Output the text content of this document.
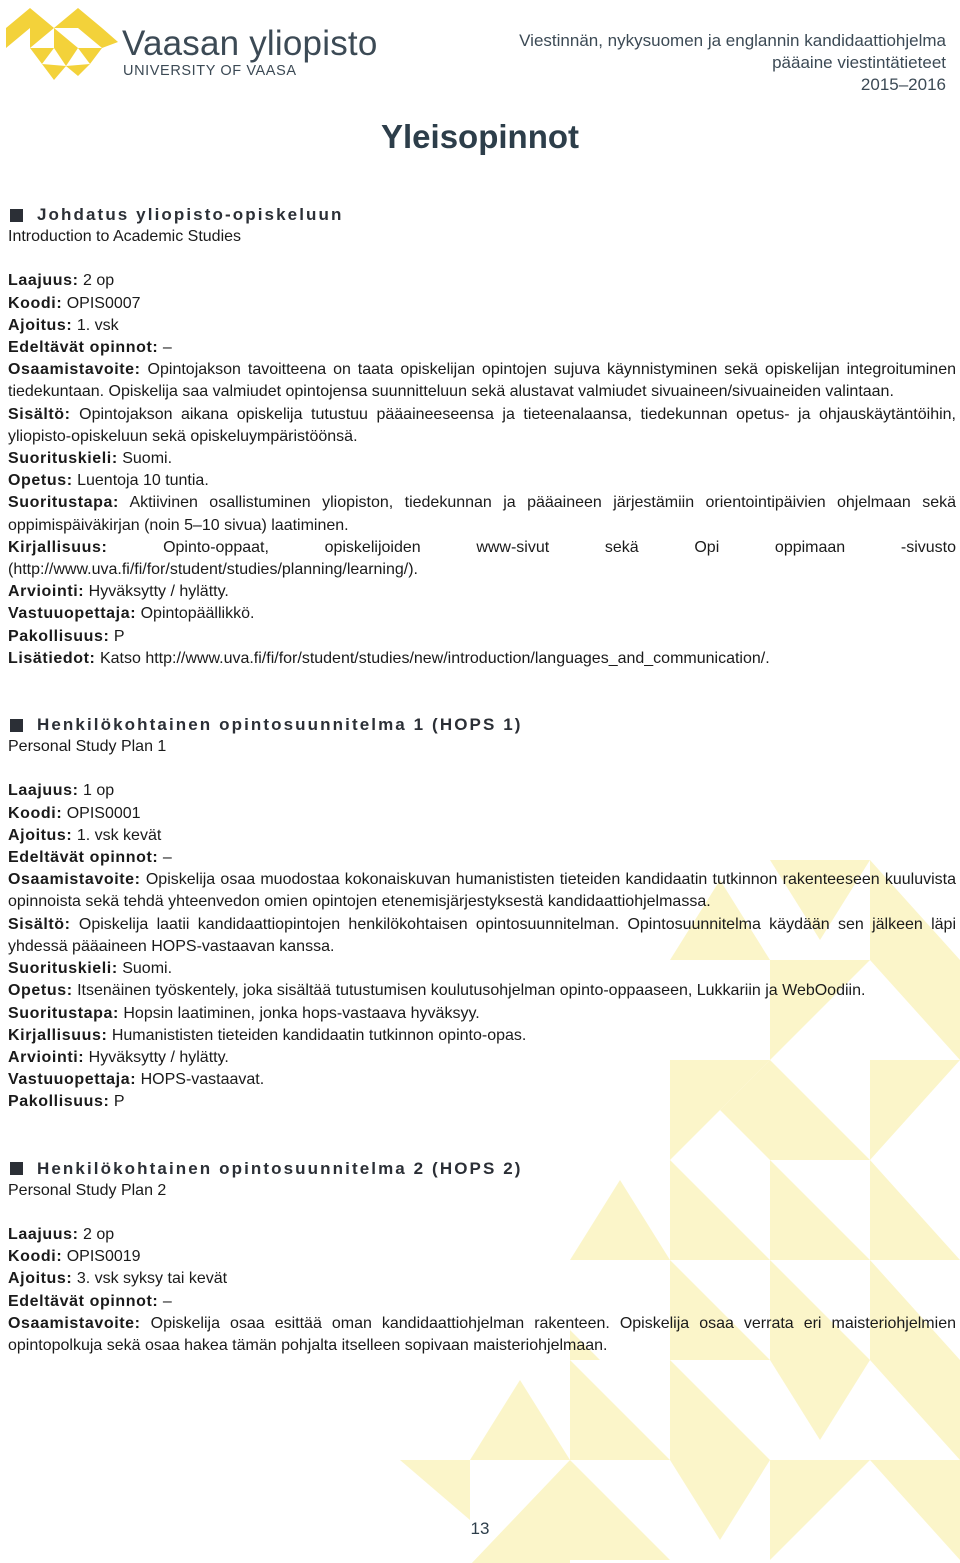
Vaasan yliopisto
UNIVERSITY OF VAASA
Viestinnän, nykysuomen ja englannin kandidaattiohjelma
pääaine viestintätieteet
2015–2016
Yleisopinnot
Johdatus yliopisto-opiskeluun
Introduction to Academic Studies
Laajuus: 2 op
Koodi: OPIS0007
Ajoitus: 1. vsk
Edeltävät opinnot: –
Osaamistavoite: Opintojakson tavoitteena on taata opiskelijan opintojen sujuva käynnistyminen sekä opiskelijan integroituminen tiedekuntaan. Opiskelija saa valmiudet opintojensa suunnitteluun sekä alustavat valmiudet sivuaineen/sivuaineiden valintaan.
Sisältö: Opintojakson aikana opiskelija tutustuu pääaineeseensa ja tieteenalaansa, tiedekunnan opetus- ja ohjauskäytäntöihin, yliopisto-opiskeluun sekä opiskeluympäristöönsä.
Suorituskieli: Suomi.
Opetus: Luentoja 10 tuntia.
Suoritustapa: Aktiivinen osallistuminen yliopiston, tiedekunnan ja pääaineen järjestämiin orientointipäivien ohjelmaan sekä oppimispäiväkirjan (noin 5–10 sivua) laatiminen.
Kirjallisuus:	Opinto-oppaat, opiskelijoiden www-sivut sekä Opi oppimaan -sivusto (http://www.uva.fi/fi/for/student/studies/planning/learning/).
Arviointi: Hyväksytty / hylätty.
Vastuuopettaja: Opintopäällikkö.
Pakollisuus: P
Lisätiedot: Katso http://www.uva.fi/fi/for/student/studies/new/introduction/languages_and_communication/.
Henkilökohtainen opintosuunnitelma 1 (HOPS 1)
Personal Study Plan 1
Laajuus: 1 op
Koodi: OPIS0001
Ajoitus: 1. vsk kevät
Edeltävät opinnot: –
Osaamistavoite: Opiskelija osaa muodostaa kokonaiskuvan humanististen tieteiden kandidaatin tutkinnon rakenteeseen kuuluvista opinnoista sekä tehdä yhteenvedon omien opintojen etenemisjärjestyksestä kandidaattiohjelmassa.
Sisältö: Opiskelija laatii kandidaattiopintojen henkilökohtaisen opintosuunnitelman. Opintosuunnitelma käydään sen jälkeen läpi yhdessä pääaineen HOPS-vastaavan kanssa.
Suorituskieli: Suomi.
Opetus: Itsenäinen työskentely, joka sisältää tutustumisen koulutusohjelman opinto-oppaaseen, Lukkariin ja WebOodiin.
Suoritustapa: Hopsin laatiminen, jonka hops-vastaava hyväksyy.
Kirjallisuus: Humanististen tieteiden kandidaatin tutkinnon opinto-opas.
Arviointi: Hyväksytty / hylätty.
Vastuuopettaja: HOPS-vastaavat.
Pakollisuus: P
Henkilökohtainen opintosuunnitelma 2 (HOPS 2)
Personal Study Plan 2
Laajuus: 2 op
Koodi: OPIS0019
Ajoitus: 3. vsk syksy tai kevät
Edeltävät opinnot: –
Osaamistavoite: Opiskelija osaa esittää oman kandidaattiohjelman rakenteen. Opiskelija osaa verrata eri maisteriohjelmien opintopolkuja sekä osaa hakea tämän pohjalta itselleen sopivaan maisteriohjelmaan.
13
